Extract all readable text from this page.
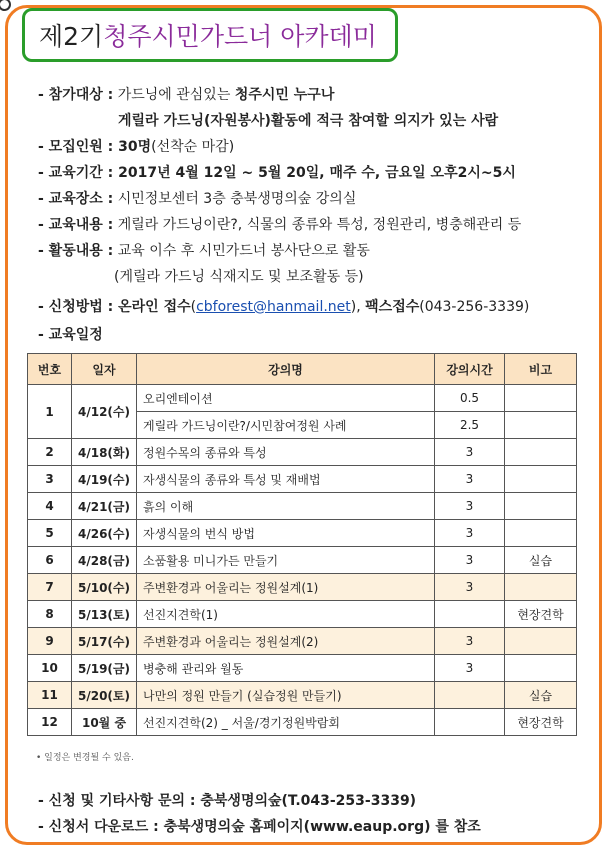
제2기 청주시민가드너 아카데미
- 참가대상 : 가드닝에 관심있는 청주시민 누구나
게릴라 가드닝(자원봉사)활동에 적극 참여할 의지가 있는 사람
- 모집인원 : 30명(선착순 마감)
- 교육기간 : 2017년 4월 12일 ~ 5월 20일, 매주 수, 금요일 오후2시~5시
- 교육장소 : 시민정보센터 3층 충북생명의숲 강의실
- 교육내용 : 게릴라 가드닝이란?, 식물의 종류와 특성, 정원관리, 병충해관리 등
- 활동내용 : 교육 이수 후 시민가드너 봉사단으로 활동
(게릴라 가드닝 식재지도 및 보조활동 등)
- 신청방법 : 온라인 접수(cbforest@hanmail.net), 팩스접수(043-256-3339)
- 교육일정
번호	일자	강의명	강의시간	비고
1	4/12(수)	오리엔테이션	0.5	
		게릴라 가드닝이란?/시민참여정원 사례	2.5	
2	4/18(화)	정원수목의 종류와 특성	3	
3	4/19(수)	자생식물의 종류와 특성 및 재배법	3	
4	4/21(금)	흙의 이해	3	
5	4/26(수)	자생식물의 번식 방법	3	
6	4/28(금)	소품활용 미니가든 만들기	3	실습
7	5/10(수)	주변환경과 어울리는 정원설계(1)	3	
8	5/13(토)	선진지견학(1)		현장견학
9	5/17(수)	주변환경과 어울리는 정원설계(2)	3	
10	5/19(금)	병충해 관리와 월동	3	
11	5/20(토)	나만의 정원 만들기 (실습정원 만들기)		실습
12	10월 중	선진지견학(2) _ 서울/경기정원박람회		현장견학
• 일정은 변경될 수 있음.
- 신청 및 기타사항 문의 : 충북생명의숲(T.043-253-3339)
- 신청서 다운로드 : 충북생명의숲 홈페이지(www.eaup.org) 를 참조
